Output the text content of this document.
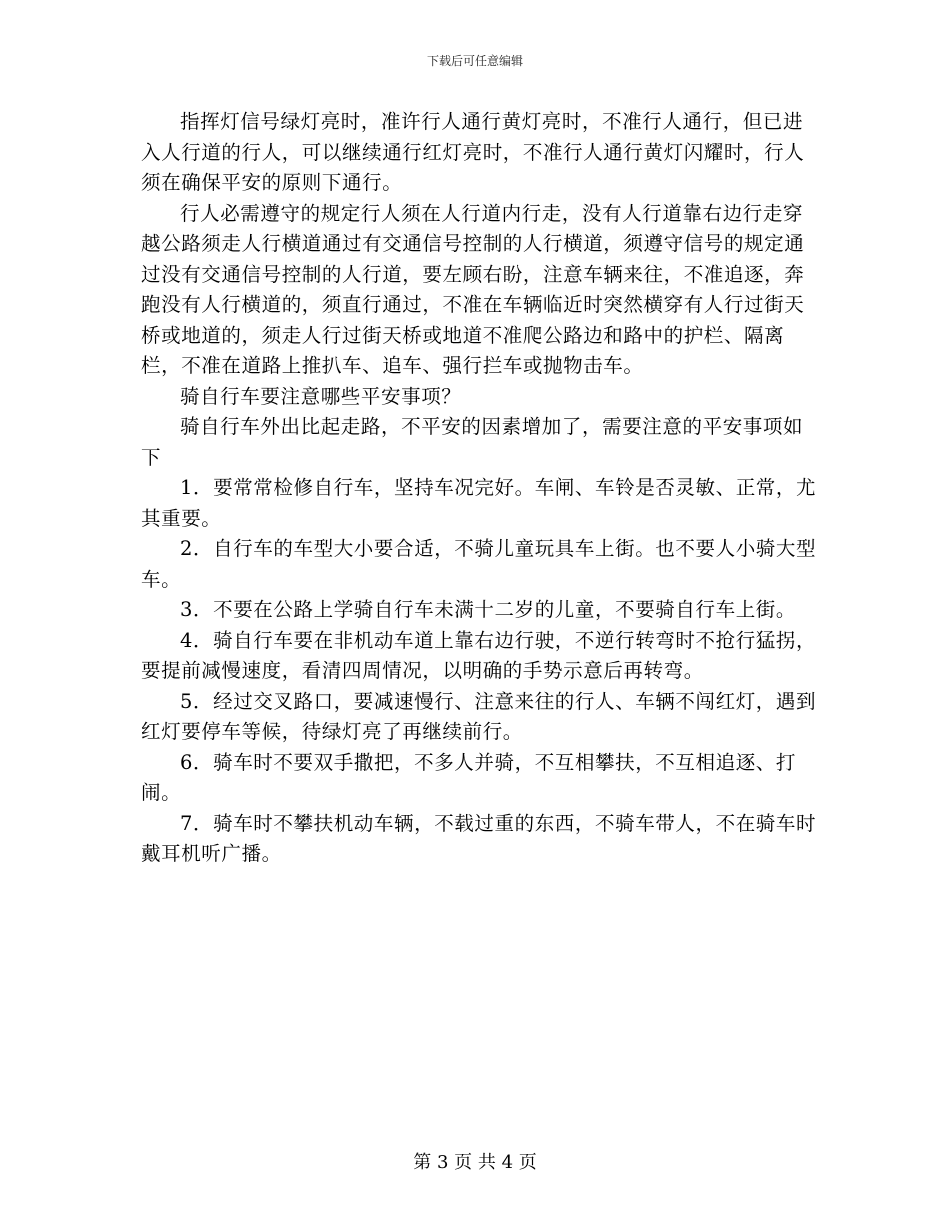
下载后可任意编辑

指挥灯信号绿灯亮时，准许行人通行黄灯亮时，不准行人通行，但已进入人行道的行人，可以继续通行红灯亮时，不准行人通行黄灯闪耀时，行人须在确保平安的原则下通行。

行人必需遵守的规定行人须在人行道内行走，没有人行道靠右边行走穿越公路须走人行横道通过有交通信号控制的人行横道，须遵守信号的规定通过没有交通信号控制的人行道，要左顾右盼，注意车辆来往，不准追逐，奔跑没有人行横道的，须直行通过，不准在车辆临近时突然横穿有人行过街天桥或地道的，须走人行过街天桥或地道不准爬公路边和路中的护栏、隔离栏，不准在道路上推扒车、追车、强行拦车或抛物击车。

骑自行车要注意哪些平安事项？

骑自行车外出比起走路，不平安的因素增加了，需要注意的平安事项如下

1．要常常检修自行车，坚持车况完好。车闸、车铃是否灵敏、正常，尤其重要。

2．自行车的车型大小要合适，不骑儿童玩具车上街。也不要人小骑大型车。

3．不要在公路上学骑自行车未满十二岁的儿童，不要骑自行车上街。

4．骑自行车要在非机动车道上靠右边行驶，不逆行转弯时不抢行猛拐，要提前减慢速度，看清四周情况，以明确的手势示意后再转弯。

5．经过交叉路口，要减速慢行、注意来往的行人、车辆不闯红灯，遇到红灯要停车等候，待绿灯亮了再继续前行。

6．骑车时不要双手撒把，不多人并骑，不互相攀扶，不互相追逐、打闹。

7．骑车时不攀扶机动车辆，不载过重的东西，不骑车带人，不在骑车时戴耳机听广播。

第 3 页 共 4 页
